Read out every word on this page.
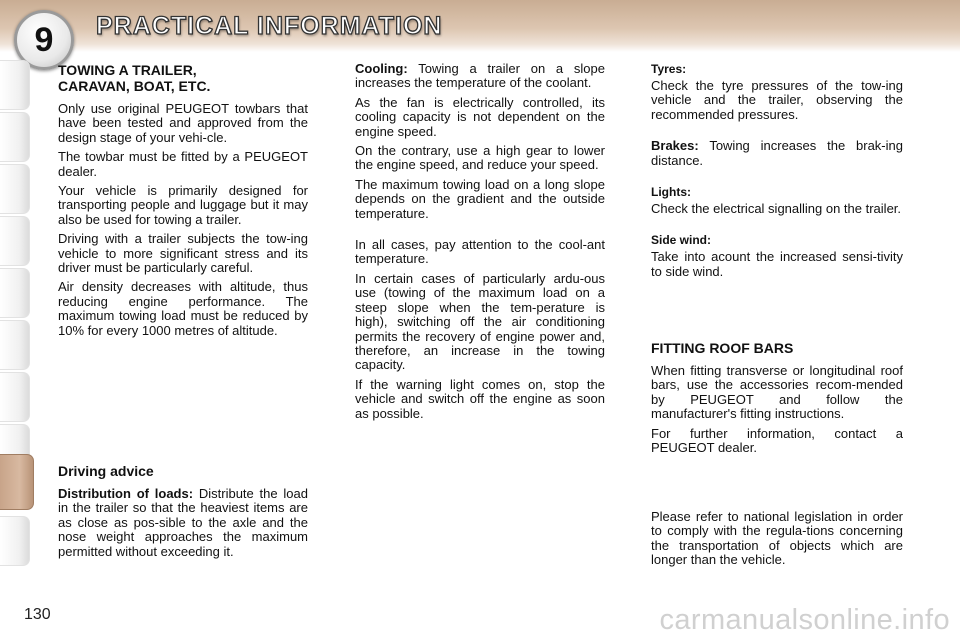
9	PRACTICAL INFORMATION
TOWING A TRAILER,
CARAVAN, BOAT, ETC.

Only use original PEUGEOT towbars that have been tested and approved from the design stage of your vehi-cle.

The towbar must be fitted by a PEUGEOT dealer.

Your vehicle is primarily designed for transporting people and luggage but it may also be used for towing a trailer.

Driving with a trailer subjects the tow-ing vehicle to more significant stress and its driver must be particularly careful.

Air density decreases with altitude, thus reducing engine performance. The maximum towing load must be reduced by 10% for every 1000 metres of altitude.

Driving advice

Distribution of loads: Distribute the load in the trailer so that the heaviest items are as close as pos-sible to the axle and the nose weight approaches the maximum permitted without exceeding it.

Cooling: Towing a trailer on a slope increases the temperature of the coolant.

As the fan is electrically controlled, its cooling capacity is not dependent on the engine speed.

On the contrary, use a high gear to lower the engine speed, and reduce your speed.

The maximum towing load on a long slope depends on the gradient and the outside temperature.

In all cases, pay attention to the cool-ant temperature.

In certain cases of particularly ardu-ous use (towing of the maximum load on a steep slope when the tem-perature is high), switching off the air conditioning permits the recovery of engine power and, therefore, an increase in the towing capacity.

If the warning light comes on, stop the vehicle and switch off the engine as soon as possible.

Tyres:

Check the tyre pressures of the tow-ing vehicle and the trailer, observing the recommended pressures.

Brakes: Towing increases the brak-ing distance.

Lights:

Check the electrical signalling on the trailer.

Side wind:

Take into acount the increased sensi-tivity to side wind.

FITTING ROOF BARS

When fitting transverse or longitudinal roof bars, use the accessories recom-mended by PEUGEOT and follow the manufacturer's fitting instructions.

For further information, contact a PEUGEOT dealer.

Please refer to national legislation in order to comply with the regula-tions concerning the transportation of objects which are longer than the vehicle.

130	carmanualsonline.info
